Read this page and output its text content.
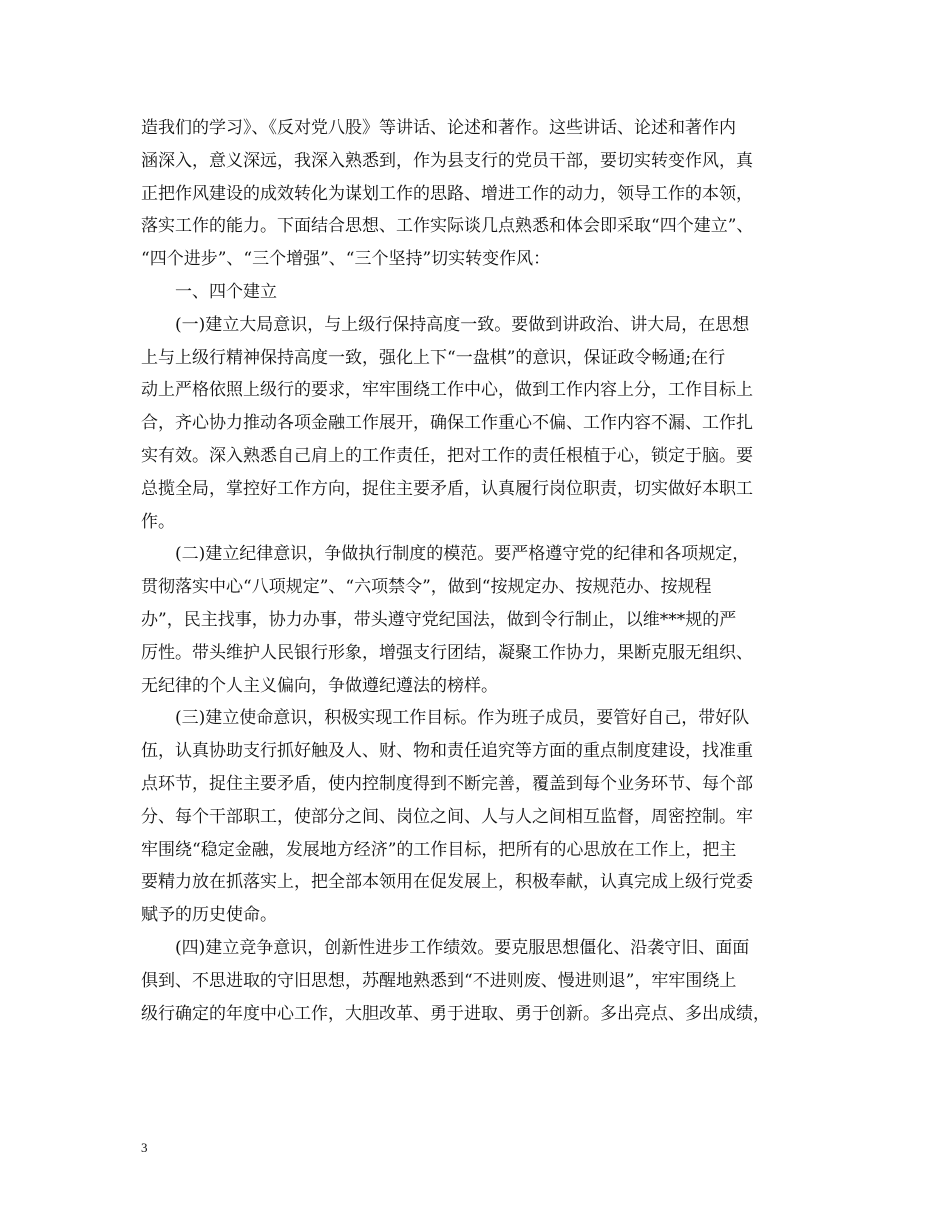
造我们的学习》、《反对党八股》等讲话、论述和著作。这些讲话、论述和著作内
涵深入，意义深远，我深入熟悉到，作为县支行的党员干部，要切实转变作风，真
正把作风建设的成效转化为谋划工作的思路、增进工作的动力，领导工作的本领，
落实工作的能力。下面结合思想、工作实际谈几点熟悉和体会即采取“四个建立”、
“四个进步”、“三个增强”、“三个坚持”切实转变作风：
一、四个建立
(一)建立大局意识，与上级行保持高度一致。要做到讲政治、讲大局，在思想
上与上级行精神保持高度一致，强化上下“一盘棋”的意识，保证政令畅通;在行
动上严格依照上级行的要求，牢牢围绕工作中心，做到工作内容上分，工作目标上
合，齐心协力推动各项金融工作展开，确保工作重心不偏、工作内容不漏、工作扎
实有效。深入熟悉自己肩上的工作责任，把对工作的责任根植于心，锁定于脑。要
总揽全局，掌控好工作方向，捉住主要矛盾，认真履行岗位职责，切实做好本职工
作。
(二)建立纪律意识，争做执行制度的模范。要严格遵守党的纪律和各项规定，
贯彻落实中心“八项规定”、“六项禁令”，做到“按规定办、按规范办、按规程
办”，民主找事，协力办事，带头遵守党纪国法，做到令行制止，以维***规的严
厉性。带头维护人民银行形象，增强支行团结，凝聚工作协力，果断克服无组织、
无纪律的个人主义偏向，争做遵纪遵法的榜样。
(三)建立使命意识，积极实现工作目标。作为班子成员，要管好自己，带好队
伍，认真协助支行抓好触及人、财、物和责任追究等方面的重点制度建设，找准重
点环节，捉住主要矛盾，使内控制度得到不断完善，覆盖到每个业务环节、每个部
分、每个干部职工，使部分之间、岗位之间、人与人之间相互监督，周密控制。牢
牢围绕“稳定金融，发展地方经济”的工作目标，把所有的心思放在工作上，把主
要精力放在抓落实上，把全部本领用在促发展上，积极奉献，认真完成上级行党委
赋予的历史使命。
(四)建立竞争意识，创新性进步工作绩效。要克服思想僵化、沿袭守旧、面面
俱到、不思进取的守旧思想，苏醒地熟悉到“不进则废、慢进则退”，牢牢围绕上
级行确定的年度中心工作，大胆改革、勇于进取、勇于创新。多出亮点、多出成绩，
3
